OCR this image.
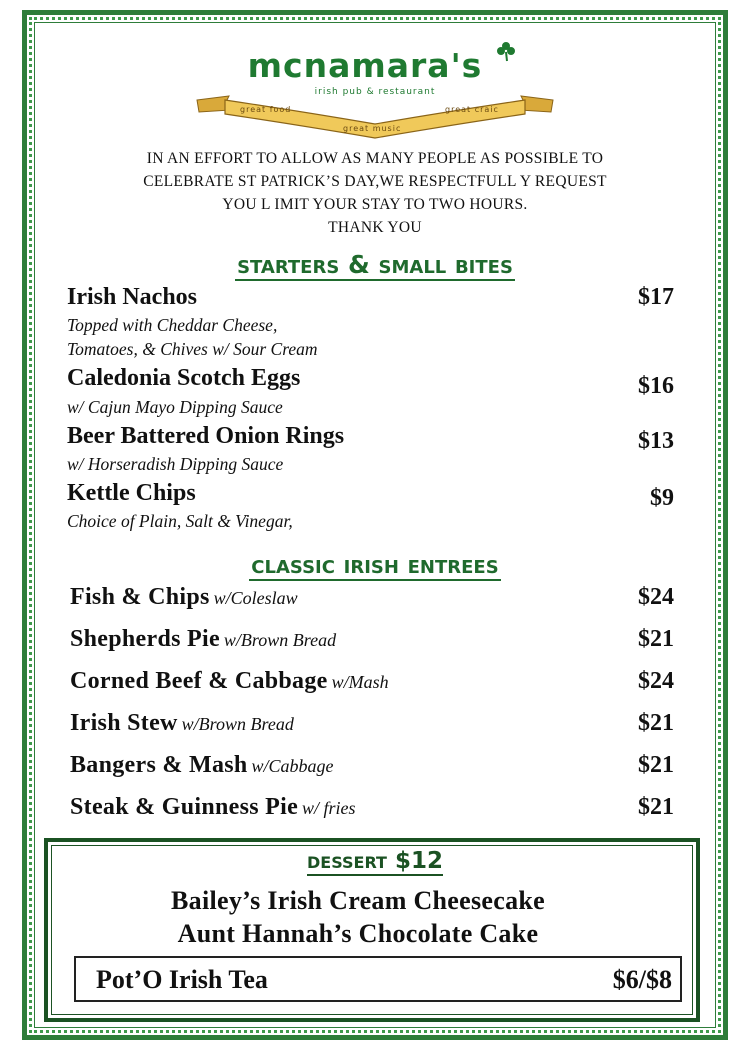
mcnamara's
irish pub & restaurant
great food
great music
great craic
IN AN EFFORT TO ALLOW AS MANY PEOPLE AS POSSIBLE TO
CELEBRATE ST PATRICK’S DAY,WE RESPECTFULL Y REQUEST
YOU L IMIT YOUR STAY TO TWO HOURS.
THANK YOU
starters & small bites
Irish Nachos	$17
Topped with Cheddar Cheese,
Tomatoes, & Chives w/ Sour Cream
Caledonia Scotch Eggs	$16
w/ Cajun Mayo Dipping Sauce
Beer Battered Onion Rings	$13
w/ Horseradish Dipping Sauce
Kettle Chips	$9
Choice of Plain, Salt & Vinegar,
classic irish entrees
Fish & Chips w/Coleslaw	$24
Shepherds Pie w/Brown Bread	$21
Corned Beef & Cabbage w/Mash	$24
Irish Stew w/Brown Bread	$21
Bangers & Mash w/Cabbage	$21
Steak & Guinness Pie w/ fries	$21
dessert $12
Bailey’s Irish Cream Cheesecake
Aunt Hannah’s Chocolate Cake
Pot’O Irish Tea	$6/$8
